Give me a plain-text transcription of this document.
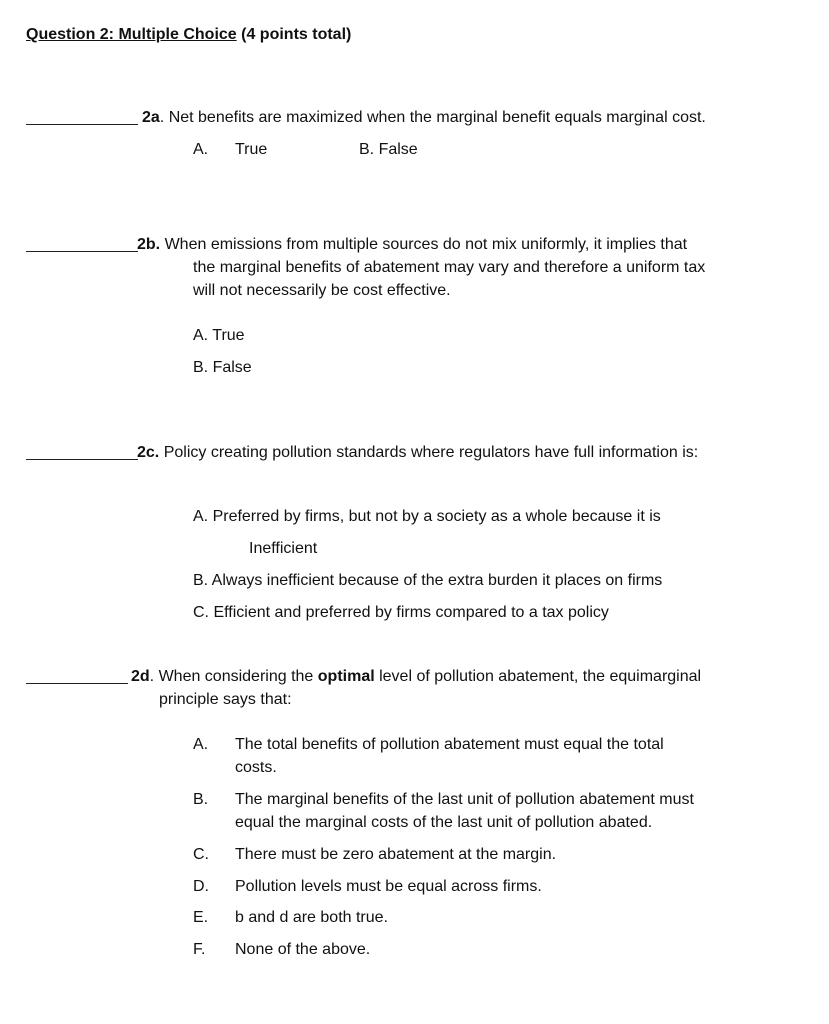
Question 2: Multiple Choice (4 points total)
2a. Net benefits are maximized when the marginal benefit equals marginal cost.
A. True	B. False
2b. When emissions from multiple sources do not mix uniformly, it implies that
the marginal benefits of abatement may vary and therefore a uniform tax
will not necessarily be cost effective.
A. True
B. False
2c. Policy creating pollution standards where regulators have full information is:
A. Preferred by firms, but not by a society as a whole because it is
Inefficient
B. Always inefficient because of the extra burden it places on firms
C. Efficient and preferred by firms compared to a tax policy
2d. When considering the optimal level of pollution abatement, the equimarginal
principle says that:
A. The total benefits of pollution abatement must equal the total
costs.
B. The marginal benefits of the last unit of pollution abatement must
equal the marginal costs of the last unit of pollution abated.
C. There must be zero abatement at the margin.
D. Pollution levels must be equal across firms.
E. b and d are both true.
F. None of the above.
